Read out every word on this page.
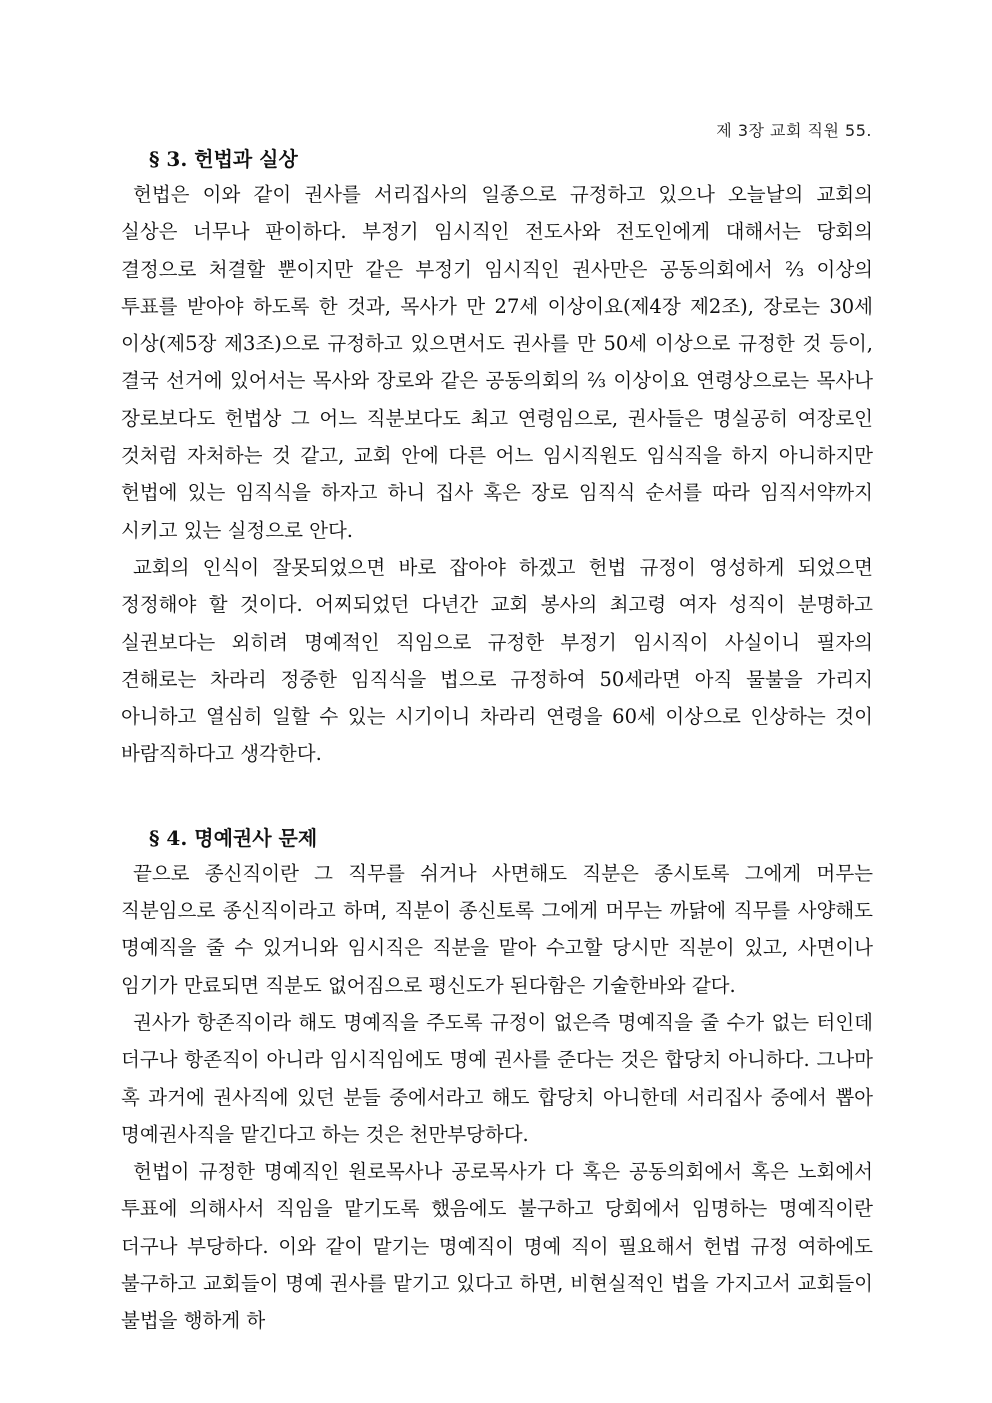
제 3장 교회 직원 55.
§ 3. 헌법과 실상

헌법은 이와 같이 권사를 서리집사의 일종으로 규정하고 있으나 오늘날의 교회의 실상은 너무나 판이하다. 부정기 임시직인 전도사와 전도인에게 대해서는 당회의 결정으로 처결할 뿐이지만 같은 부정기 임시직인 권사만은 공동의회에서 ⅔ 이상의 투표를 받아야 하도록 한 것과, 목사가 만 27세 이상이요(제4장 제2조), 장로는 30세 이상(제5장 제3조)으로 규정하고 있으면서도 권사를 만 50세 이상으로 규정한 것 등이, 결국 선거에 있어서는 목사와 장로와 같은 공동의회의 ⅔ 이상이요 연령상으로는 목사나 장로보다도 헌법상 그 어느 직분보다도 최고 연령임으로, 권사들은 명실공히 여장로인 것처럼 자처하는 것 같고, 교회 안에 다른 어느 임시직원도 임식직을 하지 아니하지만 헌법에 있는 임직식을 하자고 하니 집사 혹은 장로 임직식 순서를 따라 임직서약까지 시키고 있는 실정으로 안다.

교회의 인식이 잘못되었으면 바로 잡아야 하겠고 헌법 규정이 영성하게 되었으면 정정해야 할 것이다. 어찌되었던 다년간 교회 봉사의 최고령 여자 성직이 분명하고 실권보다는 외히려 명예적인 직임으로 규정한 부정기 임시직이 사실이니 필자의 견해로는 차라리 정중한 임직식을 법으로 규정하여 50세라면 아직 물불을 가리지 아니하고 열심히 일할 수 있는 시기이니 차라리 연령을 60세 이상으로 인상하는 것이 바람직하다고 생각한다.

§ 4. 명예권사 문제

끝으로 종신직이란 그 직무를 쉬거나 사면해도 직분은 종시토록 그에게 머무는 직분임으로 종신직이라고 하며, 직분이 종신토록 그에게 머무는 까닭에 직무를 사양해도 명예직을 줄 수 있거니와 임시직은 직분을 맡아 수고할 당시만 직분이 있고, 사면이나 임기가 만료되면 직분도 없어짐으로 평신도가 된다함은 기술한바와 같다.

권사가 항존직이라 해도 명예직을 주도록 규정이 없은즉 명예직을 줄 수가 없는 터인데 더구나 항존직이 아니라 임시직임에도 명예 권사를 준다는 것은 합당치 아니하다. 그나마 혹 과거에 권사직에 있던 분들 중에서라고 해도 합당치 아니한데 서리집사 중에서 뽑아 명예권사직을 맡긴다고 하는 것은 천만부당하다.

헌법이 규정한 명예직인 원로목사나 공로목사가 다 혹은 공동의회에서 혹은 노회에서 투표에 의해사서 직임을 맡기도록 했음에도 불구하고 당회에서 임명하는 명예직이란 더구나 부당하다. 이와 같이 맡기는 명예직이 명예 직이 필요해서 헌법 규정 여하에도 불구하고 교회들이 명예 권사를 맡기고 있다고 하면, 비현실적인 법을 가지고서 교회들이 불법을 행하게 하
